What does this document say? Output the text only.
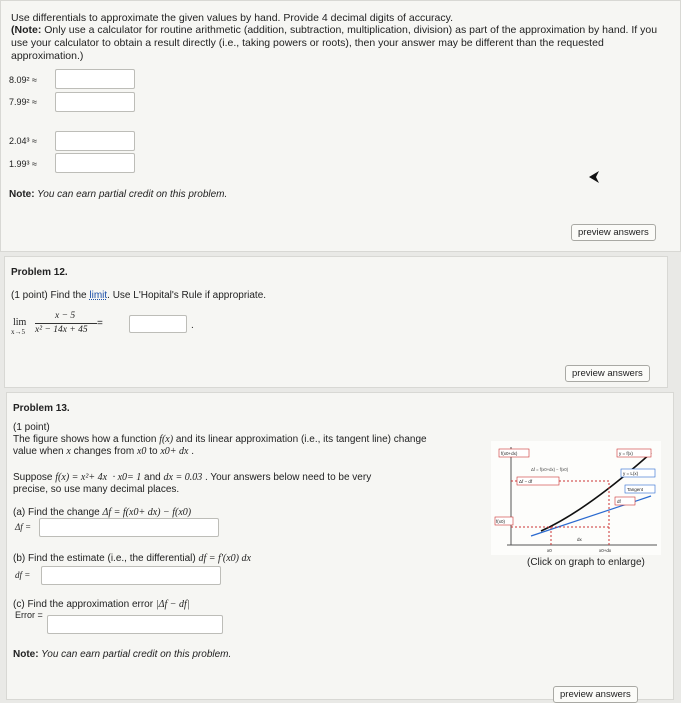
Use differentials to approximate the given values by hand. Provide 4 decimal digits of accuracy.
(Note: Only use a calculator for routine arithmetic (addition, subtraction, multiplication, division) as part of the approximation by hand. If you use your calculator to obtain a result directly (i.e., taking powers or roots), then your answer may be different than the requested approximation.)
8.09² ≈
7.99² ≈
2.04³ ≈
1.99³ ≈
Note: You can earn partial credit on this problem.
preview answers
Problem 12.
(1 point) Find the limit. Use L'Hopital's Rule if appropriate.
lim
x→5
x − 5
x² − 14x + 45
=	.
preview answers
Problem 13.
(1 point)
The figure shows how a function f(x) and its linear approximation (i.e., its tangent line) change
value when x changes from x0 to x0+ dx .
Suppose f(x) = x²+ 4x · x0= 1 and dx = 0.03 . Your answers below need to be very
precise, so use many decimal places.
(a) Find the change Δf = f(x0+ dx) − f(x0)
Δf =
(b) Find the estimate (i.e., the differential) df = f'(x0) dx
df =
(c) Find the approximation error |Δf − df|
Error =
Note: You can earn partial credit on this problem.
f(x0+dx)	y = f(x)
y = L(x)
Δf − df
Tangent
df
f(x0)
Δf = f(x0+dx) − f(x0)
x0	x0+dx
dx
(Click on graph to enlarge)
preview answers
